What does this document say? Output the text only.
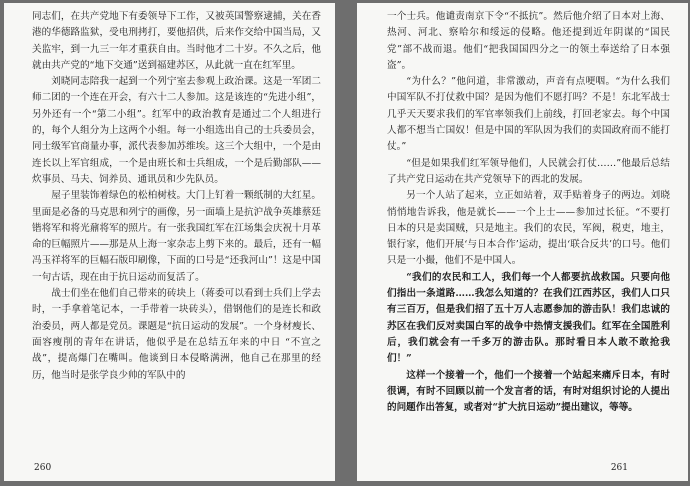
同志们，在共产党地下有委领导下工作，又被英国警察逮捕，关在香港的华德路监狱，受电刑拷打，要他招供，后来作交给中国当局，又关监牢，到一九三一年才重获自由。当时他才二十岁。不久之后，他就由共产党的“地下交通”送到福建苏区，从此就一直在红军里。

刘晓同志陪我一起到一个列宁室去参观上政治课。这是一军团二师二团的一个连在开会，有六十二人参加。这是该连的“先进小组”，另外还有一个“第二小组”。红军中的政治教育是通过二个人组进行的，每个人组分为上这两个小组。每一小组选出自己的士兵委员会，同士级军官商量办事，派代表参加苏维埃。这三个大组中，一个是由连长以上军官组成，一个是由班长和士兵组成，一个是后勤部队——炊事员、马夫、饲养员、通讯员和少先队员。

屋子里装饰着绿色的松柏树枝。大门上钉着一颗纸制的大红星。里面是必备的马克思和列宁的画像，另一面墙上是抗沪战争英雄蔡廷锴将军和将光鼐将军的照片。有一张我国红军在江场集会庆祝十月革命的巨幅照片——那是从上海一家杂志上剪下来的。最后，还有一幅冯玉祥将军的巨幅石版印刷像，下面的口号是“还我河山”！这是中国一句古话，现在由于抗日运动而复活了。

战士们坐在他们自己带来的砖块上（蒋委可以看到士兵们上学去时，一手拿着笔记本，一手带着一块砖头），借钢他们的是连长和政治委员，两人都是党员。课题是“抗日运动的发展”。一个身材瘦长、面容瘦削的青年在讲话，他似乎是在总结五年来的中日 “不宣之战”，提高爆门在嘴叫。他谈到日本侵略满洲，他自己在那里的经历，他当时是张学良少帅的军队中的

260

一个士兵。他谴责南京下令“不抵抗”。然后他介绍了日本对上海、热河、河北、察哈尔和绥远的侵略。他还提到近年阴谋的“国民党”部不战而退。他们“把我国国四分之一的领土奉送给了日本强盗”。

“为什么？”他问道，非常激动，声音有点哽咽。“为什么我们中国军队不打仗救中国？是因为他们不愿打吗？不是！东北军战士几乎天天要求我们的军官率领我们上前线，打回老家去。每个中国人都不想当亡国奴！但是中国的军队因为我们的卖国政府而不能打仗。”

“但是如果我们红军领导他们，人民就会打仗……”他最后总结了共产党日运动在共产党领导下的西北的发展。

另一个人站了起来，立正如站着，双手贴着身子的两边。刘晓悄悄地告诉我，他是就长——一个上士——参加过长征。“不要打日本的只是卖国贼，只是地主。我们的农民，军阀，税吏，地主，银行家，他们开展‘与日本合作’运动，提出‘联合反共’的口号。他们只是一小撮，他们不是中国人。

“我们的农民和工人，我们每一个人都要抗战救国。只要向他们指出一条道路……我怎么知道的？在我们江西苏区，我们人口只有三百万，但是我们招了五十万人志愿参加的游击队！我们忠诚的苏区在我们反对卖国白军的战争中热情支援我们。红军在全国胜利后，我们就会有一千多万的游击队。那时看日本人敢不敢抢我们！”

这样一个接着一个，他们一个接着一个站起来痛斥日本，有时很调，有时不回顾以前一个发言者的话，有时对组织讨论的人提出的问题作出答复，或者对“扩大抗日运动”提出建议，等等。

261
